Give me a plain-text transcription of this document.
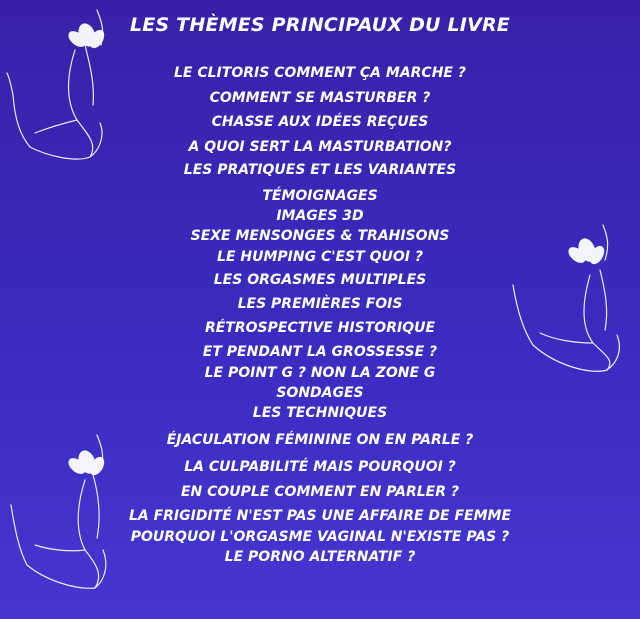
LES THÈMES PRINCIPAUX DU LIVRE
LE CLITORIS COMMENT ÇA MARCHE ?
COMMENT SE MASTURBER ?
CHASSE AUX IDÉES REÇUES
A QUOI SERT LA MASTURBATION?
LES PRATIQUES ET LES VARIANTES
TÉMOIGNAGES
IMAGES 3D
SEXE MENSONGES & TRAHISONS
LE HUMPING C'EST QUOI ?
LES ORGASMES MULTIPLES
LES PREMIÈRES FOIS
RÉTROSPECTIVE HISTORIQUE
ET PENDANT LA GROSSESSE ?
LE POINT G ? NON LA ZONE G
SONDAGES
LES TECHNIQUES
ÉJACULATION FÉMININE ON EN PARLE ?
LA CULPABILITÉ MAIS POURQUOI ?
EN COUPLE COMMENT EN PARLER ?
LA FRIGIDITÉ N'EST PAS UNE AFFAIRE DE FEMME
POURQUOI L'ORGASME VAGINAL N'EXISTE PAS ?
LE PORNO ALTERNATIF ?
